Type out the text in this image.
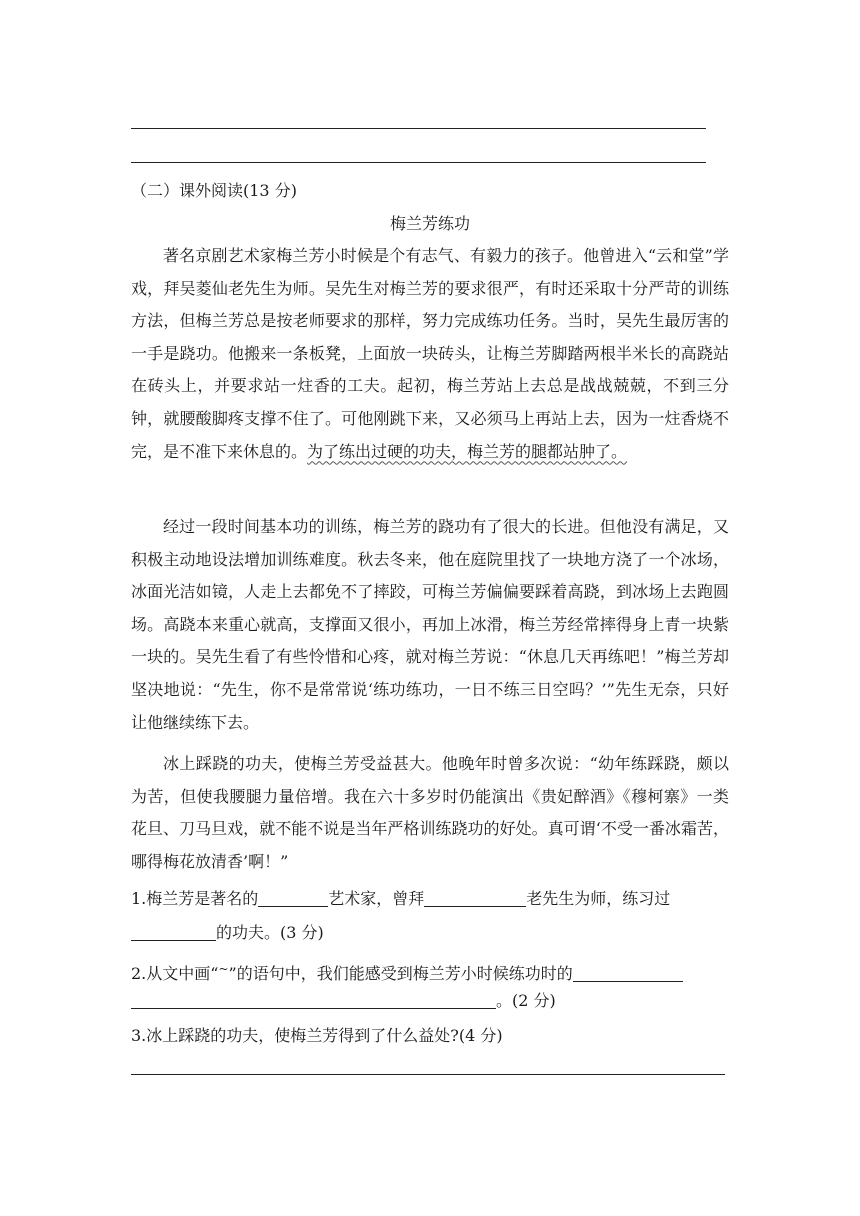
（二）课外阅读(13 分)
梅兰芳练功
著名京剧艺术家梅兰芳小时候是个有志气、有毅力的孩子。他曾进入“云和堂”学戏，拜吴菱仙老先生为师。吴先生对梅兰芳的要求很严，有时还采取十分严苛的训练方法，但梅兰芳总是按老师要求的那样，努力完成练功任务。当时，吴先生最厉害的一手是跷功。他搬来一条板凳，上面放一块砖头，让梅兰芳脚踏两根半米长的高跷站在砖头上，并要求站一炷香的工夫。起初，梅兰芳站上去总是战战兢兢，不到三分钟，就腰酸脚疼支撑不住了。可他刚跳下来，又必须马上再站上去，因为一炷香烧不完，是不准下来休息的。为了练出过硬的功夫，梅兰芳的腿都站肿了。
经过一段时间基本功的训练，梅兰芳的跷功有了很大的长进。但他没有满足，又积极主动地设法增加训练难度。秋去冬来，他在庭院里找了一块地方浇了一个冰场，冰面光洁如镜，人走上去都免不了摔跤，可梅兰芳偏偏要踩着高跷，到冰场上去跑圆场。高跷本来重心就高，支撑面又很小，再加上冰滑，梅兰芳经常摔得身上青一块紫一块的。吴先生看了有些怜惜和心疼，就对梅兰芳说：“休息几天再练吧！”梅兰芳却坚决地说：“先生，你不是常常说‘练功练功，一日不练三日空吗？’”先生无奈，只好让他继续练下去。
冰上踩跷的功夫，使梅兰芳受益甚大。他晚年时曾多次说：“幼年练踩跷，颇以为苦，但使我腰腿力量倍增。我在六十多岁时仍能演出《贵妃醉酒》《穆柯寨》一类花旦、刀马旦戏，就不能不说是当年严格训练跷功的好处。真可谓‘不受一番冰霜苦，哪得梅花放清香’啊！”
1.梅兰芳是著名的	艺术家，曾拜	老先生为师，练习过
的功夫。(3 分)
2.从文中画“~”的语句中，我们能感受到梅兰芳小时候练功时的
。(2 分)
3.冰上踩跷的功夫，使梅兰芳得到了什么益处?(4 分)
